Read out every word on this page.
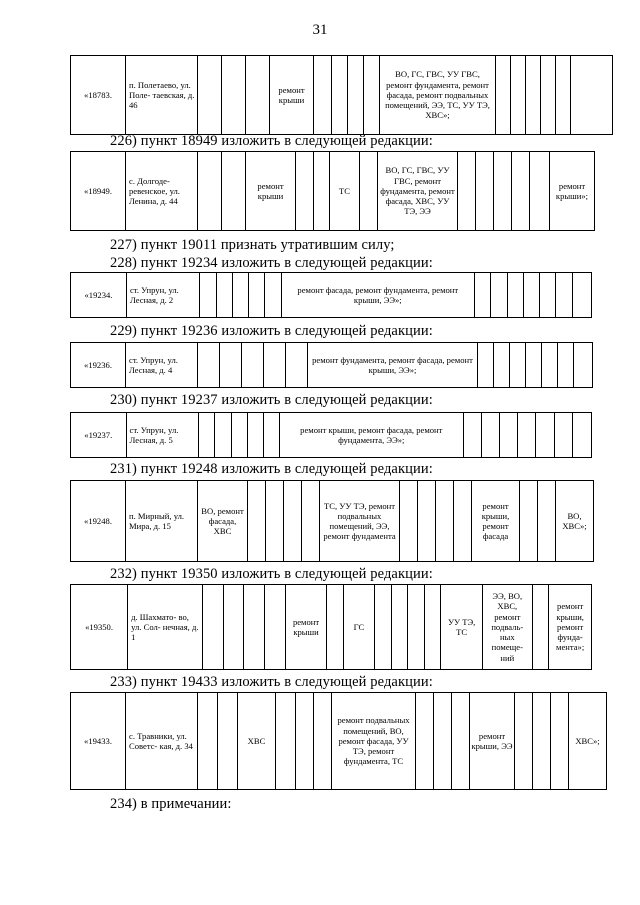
31
«18783.	п. Полетаево, ул. Поле- таевская, д. 46				ремонт крыши					ВО, ГС, ГВС, УУ ГВС, ремонт фундамента, ремонт фасада, ремонт подвальных помещений, ЭЭ, ТС, УУ ТЭ, ХВС»;						
226) пункт 18949 изложить в следующей редакции:
«18949.	с. Долгоде- ревенское, ул. Ленина, д. 44			ремонт крыши			ТС		ВО, ГС, ГВС, УУ ГВС, ремонт фундамента, ремонт фасада, ХВС, УУ ТЭ, ЭЭ						ремонт крыши»;
227) пункт 19011 признать утратившим силу;
228) пункт 19234 изложить в следующей редакции:
«19234.	ст. Упрун, ул. Лесная, д. 2						ремонт фасада, ремонт фундамента, ремонт крыши, ЭЭ»;							
229) пункт 19236 изложить в следующей редакции:
«19236.	ст. Упрун, ул. Лесная, д. 4						ремонт фундамента, ремонт фасада, ремонт крыши, ЭЭ»;							
230) пункт 19237 изложить в следующей редакции:
«19237.	ст. Упрун, ул. Лесная, д. 5						ремонт крыши, ремонт фасада, ремонт фундамента, ЭЭ»;							
231) пункт 19248 изложить в следующей редакции:
«19248.	п. Мирный, ул. Мира, д. 15	ВО, ремонт фасада, ХВС					ТС, УУ ТЭ, ремонт подвальных помещений, ЭЭ, ремонт фундамента					ремонт крыши, ремонт фасада			ВО, ХВС»;
232) пункт 19350 изложить в следующей редакции:
«19350.	д. Шахмато- во, ул. Сол- нечная, д. 1					ремонт крыши		ГС					УУ ТЭ, ТС	ЭЭ, ВО, ХВС, ремонт подваль- ных помеще- ний		ремонт крыши, ремонт фунда- мента»;
233) пункт 19433 изложить в следующей редакции:
«19433.	с. Травники, ул. Советс- кая, д. 34			ХВС				ремонт подвальных помещений, ВО, ремонт фасада, УУ ТЭ, ремонт фундамента, ТС				ремонт крыши, ЭЭ				ХВС»;
234) в примечании:
